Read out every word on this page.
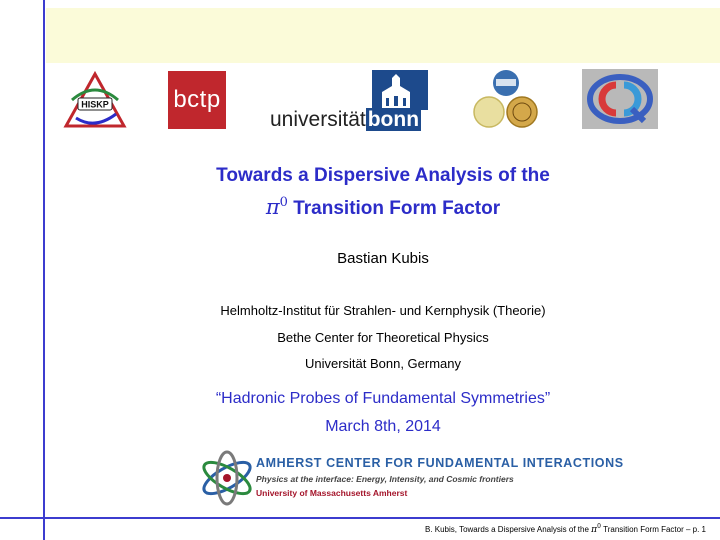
HISKP	bctp
universitätbonn
Towards a Dispersive Analysis of the
$\pi^0$ Transition Form Factor
Bastian Kubis
Helmholtz-Institut für Strahlen- und Kernphysik (Theorie)
Bethe Center for Theoretical Physics
Universität Bonn, Germany
“Hadronic Probes of Fundamental Symmetries”
March 8th, 2014
AMHERST CENTER FOR FUNDAMENTAL INTERACTIONS
Physics at the interface: Energy, Intensity, and Cosmic frontiers
University of Massachusetts Amherst
B. Kubis, Towards a Dispersive Analysis of the $\pi^0$ Transition Form Factor – p. 1
